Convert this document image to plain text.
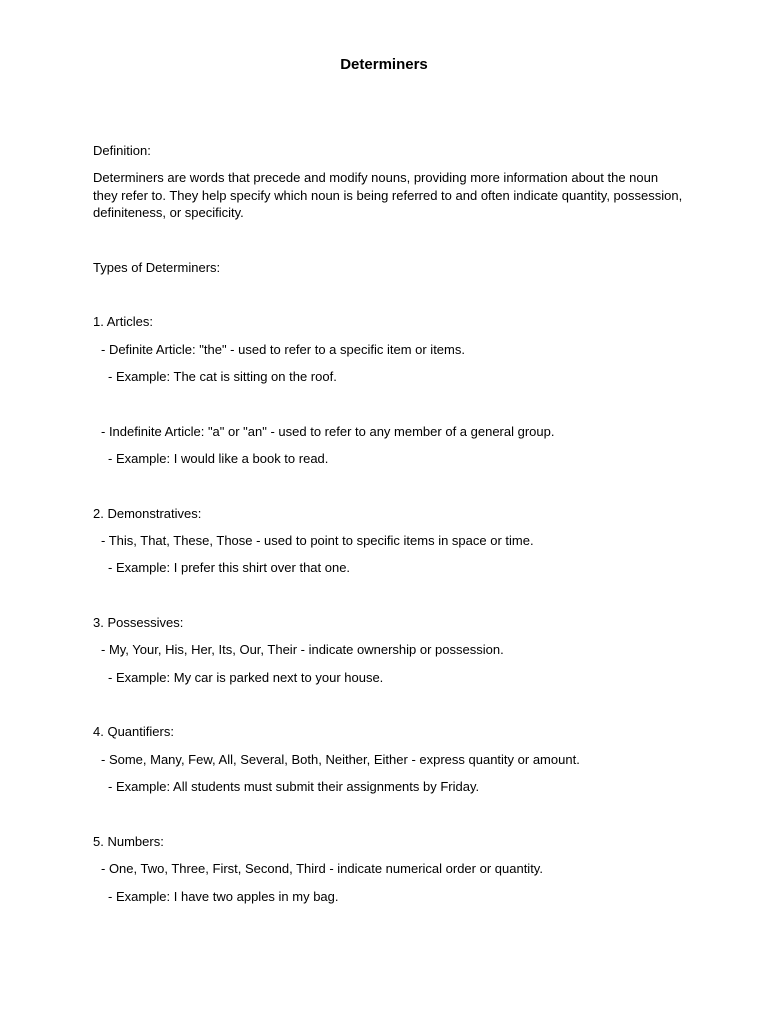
Determiners
Definition:
Determiners are words that precede and modify nouns, providing more information about the noun they refer to. They help specify which noun is being referred to and often indicate quantity, possession, definiteness, or specificity.
Types of Determiners:
1. Articles:
- Definite Article: "the" - used to refer to a specific item or items.
- Example: The cat is sitting on the roof.
- Indefinite Article: "a" or "an" - used to refer to any member of a general group.
- Example: I would like a book to read.
2. Demonstratives:
- This, That, These, Those - used to point to specific items in space or time.
- Example: I prefer this shirt over that one.
3. Possessives:
- My, Your, His, Her, Its, Our, Their - indicate ownership or possession.
- Example: My car is parked next to your house.
4. Quantifiers:
- Some, Many, Few, All, Several, Both, Neither, Either - express quantity or amount.
- Example: All students must submit their assignments by Friday.
5. Numbers:
- One, Two, Three, First, Second, Third - indicate numerical order or quantity.
- Example: I have two apples in my bag.
